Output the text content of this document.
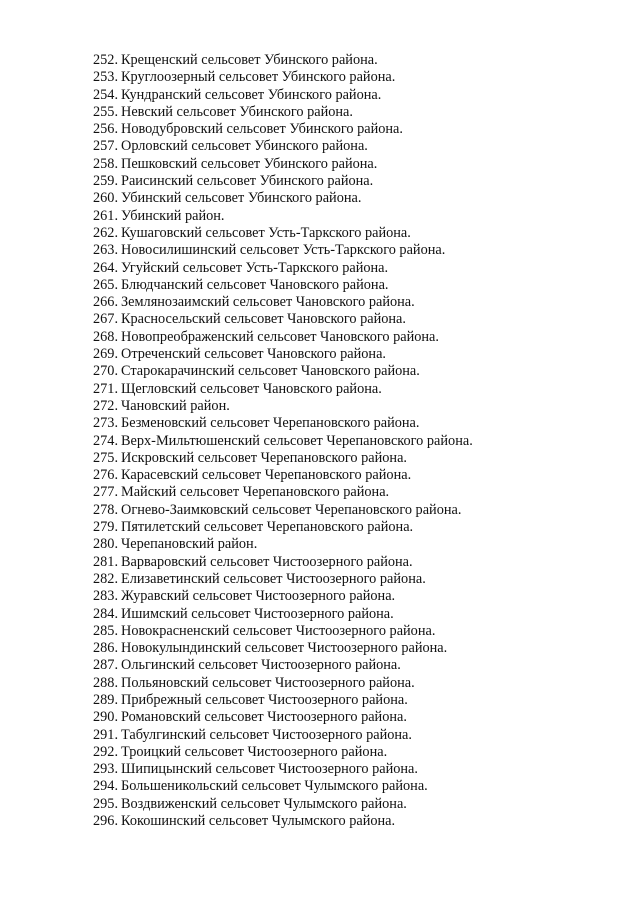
252. Крещенский сельсовет Убинского района.
253. Круглоозерный сельсовет Убинского района.
254. Кундранский сельсовет Убинского района.
255. Невский сельсовет Убинского района.
256. Новодубровский сельсовет Убинского района.
257. Орловский сельсовет Убинского района.
258. Пешковский сельсовет Убинского района.
259. Раисинский сельсовет Убинского района.
260. Убинский сельсовет Убинского района.
261. Убинский район.
262. Кушаговский сельсовет Усть-Таркского района.
263. Новосилишинский сельсовет Усть-Таркского района.
264. Угуйский сельсовет Усть-Таркского района.
265. Блюдчанский сельсовет Чановского района.
266. Землянозаимский сельсовет Чановского района.
267. Красносельский сельсовет Чановского района.
268. Новопреображенский сельсовет Чановского района.
269. Отреченский сельсовет Чановского района.
270. Старокарачинский сельсовет Чановского района.
271. Щегловский сельсовет Чановского района.
272. Чановский район.
273. Безменовский сельсовет Черепановского района.
274. Верх-Мильтюшенский сельсовет Черепановского района.
275. Искровский сельсовет Черепановского района.
276. Карасевский сельсовет Черепановского района.
277. Майский сельсовет Черепановского района.
278. Огнево-Заимковский сельсовет Черепановского района.
279. Пятилетский сельсовет Черепановского района.
280. Черепановский район.
281. Варваровский сельсовет Чистоозерного района.
282. Елизаветинский сельсовет Чистоозерного района.
283. Журавский сельсовет Чистоозерного района.
284. Ишимский сельсовет Чистоозерного района.
285. Новокрасненский сельсовет Чистоозерного района.
286. Новокулындинский сельсовет Чистоозерного района.
287. Ольгинский сельсовет Чистоозерного района.
288. Польяновский сельсовет Чистоозерного района.
289. Прибрежный сельсовет Чистоозерного района.
290. Романовский сельсовет Чистоозерного района.
291. Табулгинский сельсовет Чистоозерного района.
292. Троицкий сельсовет Чистоозерного района.
293. Шипицынский сельсовет Чистоозерного района.
294. Большеникольский сельсовет Чулымского района.
295. Воздвиженский сельсовет Чулымского района.
296. Кокошинский сельсовет Чулымского района.
